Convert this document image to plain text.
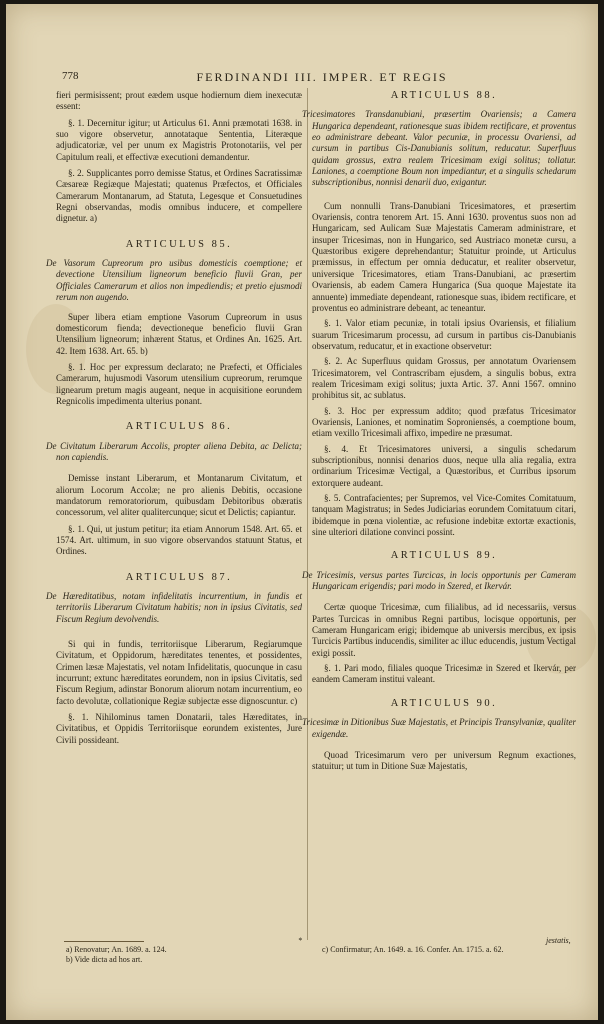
778	FERDINANDI III. IMPER. ET REGIS

fieri permisissent; prout eædem usque hodiernum diem inexecutæ essent:

§. 1. Decernitur igitur; ut Articulus 61. Anni præmotati 1638. in suo vigore observetur, annotataque Sententia, Literæque adjudicatoriæ, vel per unum ex Magistris Protonotariis, vel per Capitulum reali, et effectivæ executioni demandentur.

§. 2. Supplicantes porro demisse Status, et Ordines Sacratissimæ Cæsareæ Regiæque Majestati; quatenus Præfectos, et Officiales Camerarum Montanarum, ad Statuta, Legesque et Consuetudines Regni observandas, modis omnibus inducere, et compellere dignetur. a)

ARTICULUS 85.

De Vasorum Cupreorum pro usibus domesticis coemptione; et devectione Utensilium ligneorum beneficio fluvii Gran, per Officiales Camerarum et alios non impediendis; et pretio ejusmodi rerum non augendo.

Super libera etiam emptione Vasorum Cupreorum in usus domesticorum fienda; devectioneque beneficio fluvii Gran Utensilium ligneorum; inhærent Status, et Ordines An. 1625. Art. 42. Item 1638. Art. 65. b)

§. 1. Hoc per expressum declarato; ne Præfecti, et Officiales Camerarum, hujusmodi Vasorum utensilium cupreorum, rerumque lignearum pretum magis augeant, neque in acquisitione eorundem Regnicolis impedimenta ulterius ponant.

ARTICULUS 86.

De Civitatum Liberarum Accolis, propter aliena Debita, ac Delicta; non capiendis.

Demisse instant Liberarum, et Montanarum Civitatum, et aliorum Locorum Accolæ; ne pro alienis Debitis, occasione mandatorum remoratoriorum, quibusdam Debitoribus obæratis concessorum, vel aliter qualitercunque; sicut et Delictis; capiantur.

§. 1. Qui, ut justum petitur; ita etiam Annorum 1548. Art. 65. et 1574. Art. ultimum, in suo vigore observandos statuunt Status, et Ordines.

ARTICULUS 87.

De Hæreditatibus, notam infidelitatis incurrentium, in fundis et territoriis Liberarum Civitatum habitis; non in ipsius Civitatis, sed Fiscum Regium devolvendis.

Si qui in fundis, territoriisque Liberarum, Regiarumque Civitatum, et Oppidorum, hæreditates tenentes, et possidentes, Crimen læsæ Majestatis, vel notam Infidelitatis, quocunque in casu incurrunt; extunc hæreditates eorundem, non in ipsius Civitatis, sed Fiscum Regium, adinstar Bonorum aliorum notam incurrentium, eo facto devolutæ, collationique Regiæ subjectæ esse dignoscuntur. c)

§. 1. Nihilominus tamen Donatarii, tales Hæreditates, in Civitatibus, et Oppidis Territoriisque eorundem existentes, Jure Civili possideant.

ARTICULUS 88.

Tricesimatores Transdanubiani, præsertim Ovariensis; a Camera Hungarica dependeant, rationesque suas ibidem rectificare, et proventus eo administrare debeant. Valor pecuniæ, in processu Ovariensi, ad cursum in partibus Cis-Danubianis solitum, reducatur. Superfluus quidam grossus, extra realem Tricesimam exigi solitus; tollatur. Laniones, a coemptione Boum non impediantur, et a singulis schedarum subscriptionibus, nonnisi denarii duo, exigantur.

Cum nonnulli Trans-Danubiani Tricesimatores, et præsertim Ovariensis, contra tenorem Art. 15. Anni 1630. proventus suos non ad Hungaricam, sed Aulicam Suæ Majestatis Cameram administrare, et insuper Tricesimas, non in Hungarico, sed Austriaco monetæ cursu, a Quæstoribus exigere deprehendantur; Statuitur proinde, ut Articulus præmissus, in effectum per omnia deducatur, et realiter observetur, universique Tricesimatores, etiam Trans-Danubiani, ac præsertim Ovariensis, ab eadem Camera Hungarica (Sua quoque Majestate ita annuente) immediate dependeant, rationesque suas, ibidem rectificare, et proventus eo administrare debeant, ac teneantur.

§. 1. Valor etiam pecuniæ, in totali ipsius Ovariensis, et filialium suarum Tricesimarum processu, ad cursum in partibus cis-Danubianis observatum, reducatur, et in exactione observetur:

§. 2. Ac Superfluus quidam Grossus, per annotatum Ovariensem Tricesimatorem, vel Contrascribam ejusdem, a singulis bobus, extra realem Tricesimam exigi solitus; juxta Artic. 37. Anni 1567. omnino prohibitus sit, ac sublatus.

§. 3. Hoc per expressum addito; quod præfatus Tricesimator Ovariensis, Laniones, et nominatim Soproniensés, a coemptione boum, etiam vexillo Tricesimali affixo, impedire ne præsumat.

§. 4. Et Tricesimatores universi, a singulis schedarum subscriptionibus, nonnisi denarios duos, neque ulla alia regalia, extra ordinarium Tricesimæ Vectigal, a Quæstoribus, et Curribus ipsorum extorquere audeant.

§. 5. Contrafacientes; per Supremos, vel Vice-Comites Comitatuum, tanquam Magistratus; in Sedes Judiciarias eorundem Comitatuum citari, ibidemque in pœna violentiæ, ac refusione indebitæ extortæ exactionis, sine ulteriori dilatione convinci possint.

ARTICULUS 89.

De Tricesimis, versus partes Turcicas, in locis opportunis per Cameram Hungaricam erigendis; pari modo in Szered, et Ikervár.

Certæ quoque Tricesimæ, cum filialibus, ad id necessariis, versus Partes Turcicas in omnibus Regni partibus, locisque opportunis, per Cameram Hungaricam erigi; ibidemque ab universis mercibus, ex ipsis Turcicis Partibus inducendis, similiter ac illuc educendis, justum Vectigal exigi possit.

§. 1. Pari modo, filiales quoque Tricesimæ in Szered et Ikervár, per eandem Cameram institui valeant.

ARTICULUS 90.

Tricesimæ in Ditionibus Suæ Majestatis, et Principis Transylvaniæ, qualiter exigendæ.

Quoad Tricesimarum vero per universum Regnum exactiones, statuitur; ut tum in Ditione Suæ Majestatis,

*	jestatis,
a) Renovatur; An. 1689. a. 124.
b) Vide dicta ad hos art.
c) Confirmatur; An. 1649. a. 16. Confer. An. 1715. a. 62.
